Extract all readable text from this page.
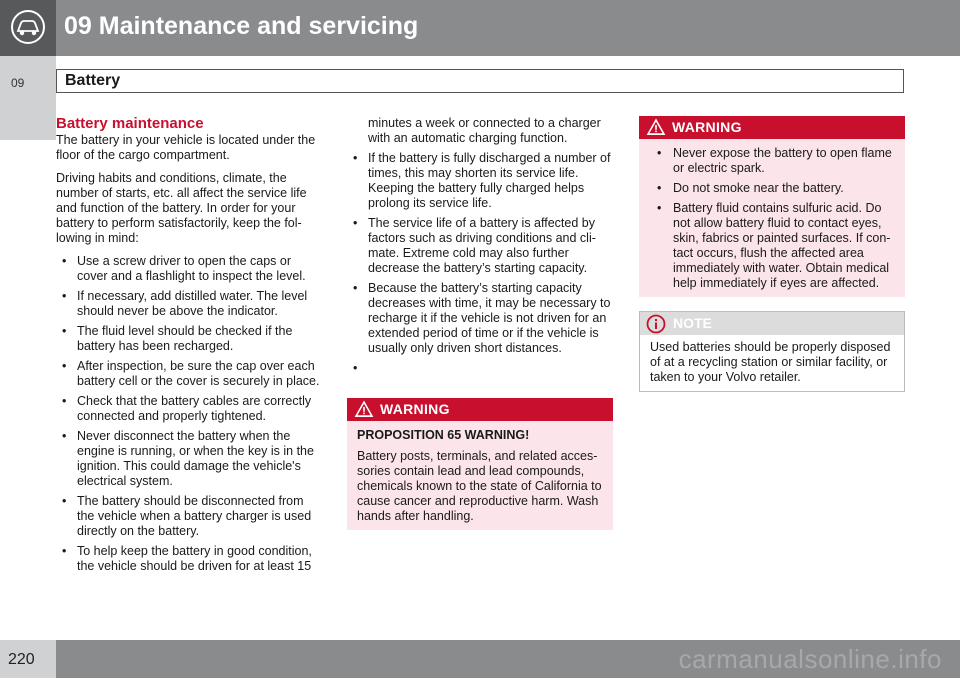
09 Maintenance and servicing
09	Battery
Battery maintenance

The battery in your vehicle is located under the floor of the cargo compartment.

Driving habits and conditions, climate, the number of starts, etc. all affect the service life and function of the battery. In order for your battery to perform satisfactorily, keep the fol-lowing in mind:

• Use a screw driver to open the caps or cover and a flashlight to inspect the level.
• If necessary, add distilled water. The level should never be above the indicator.
• The fluid level should be checked if the battery has been recharged.
• After inspection, be sure the cap over each battery cell or the cover is securely in place.
• Check that the battery cables are correctly connected and properly tightened.
• Never disconnect the battery when the engine is running, or when the key is in the ignition. This could damage the vehicle's electrical system.
• The battery should be disconnected from the vehicle when a battery charger is used directly on the battery.
• To help keep the battery in good condition, the vehicle should be driven for at least 15
minutes a week or connected to a charger with an automatic charging function.
• If the battery is fully discharged a number of times, this may shorten its service life. Keeping the battery fully charged helps prolong its service life.
• The service life of a battery is affected by factors such as driving conditions and cli-mate. Extreme cold may also further decrease the battery’s starting capacity.
• Because the battery’s starting capacity decreases with time, it may be necessary to recharge it if the vehicle is not driven for an extended period of time or if the vehicle is usually only driven short distances.
•
WARNING

PROPOSITION 65 WARNING!

Battery posts, terminals, and related acces-sories contain lead and lead compounds, chemicals known to the state of California to cause cancer and reproductive harm. Wash hands after handling.

WARNING
• Never expose the battery to open flame or electric spark.
• Do not smoke near the battery.
• Battery fluid contains sulfuric acid. Do not allow battery fluid to contact eyes, skin, fabrics or painted surfaces. If con-tact occurs, flush the affected area immediately with water. Obtain medical help immediately if eyes are affected.
NOTE
Used batteries should be properly disposed of at a recycling station or similar facility, or taken to your Volvo retailer.
220	carmanualsonline.info
